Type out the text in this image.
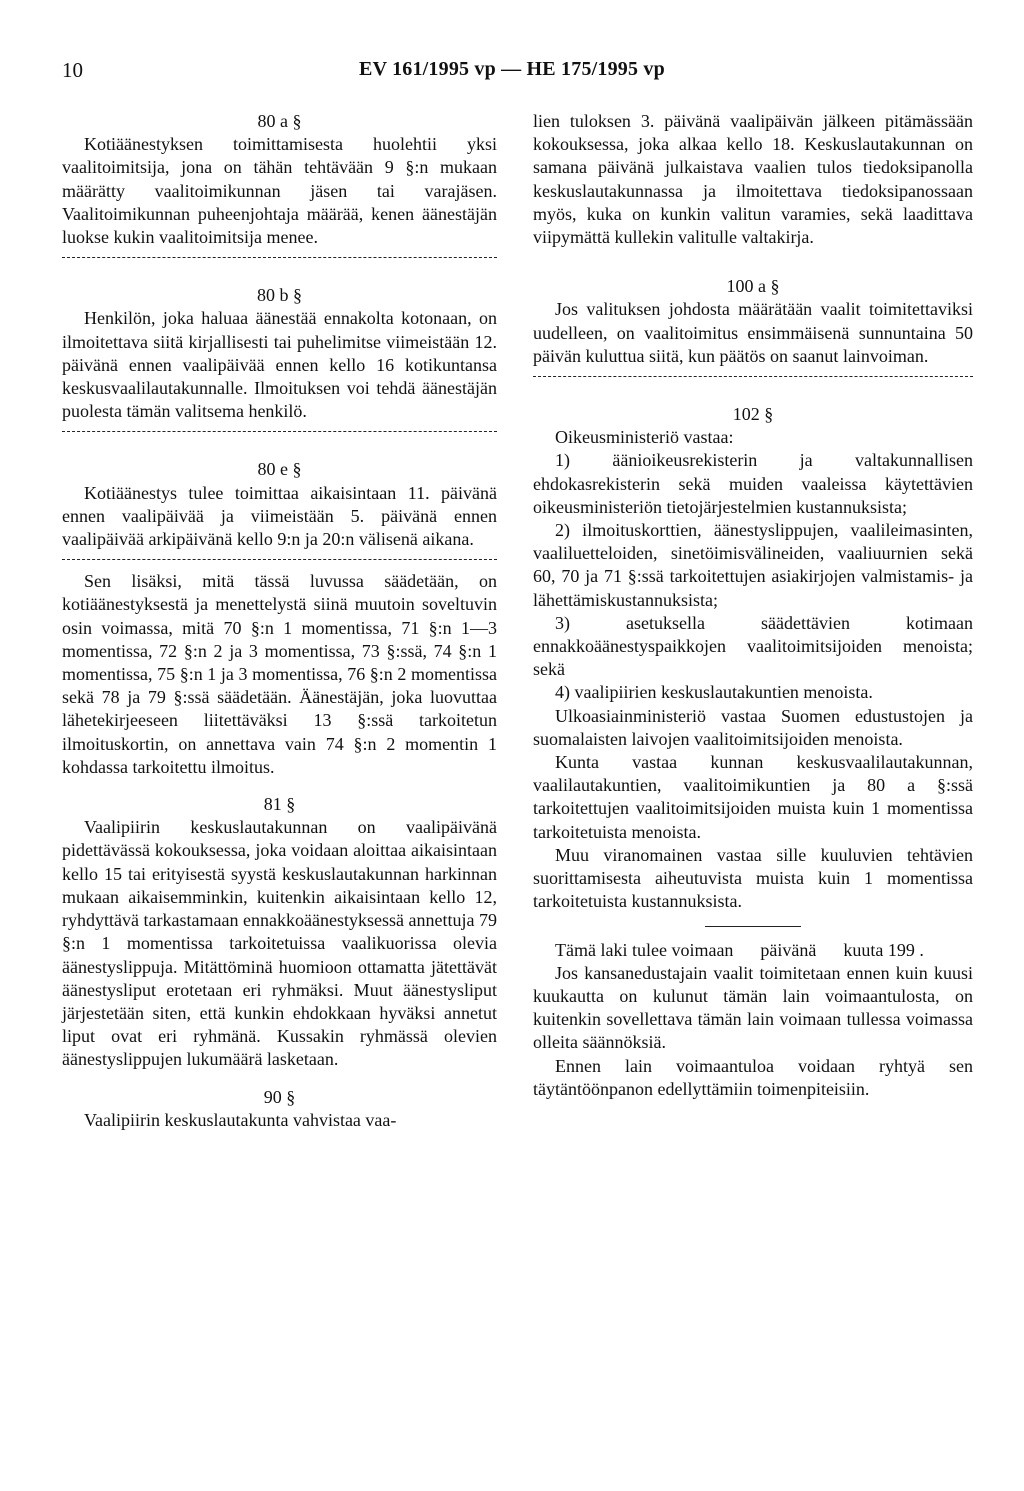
10	EV 161/1995 vp — HE 175/1995 vp

80 a §

Kotiäänestyksen toimittamisesta huolehtii yksi vaalitoimitsija, jona on tähän tehtävään 9 §:n mukaan määrätty vaalitoimikunnan jäsen tai varajäsen. Vaalitoimikunnan puheenjohtaja määrää, kenen äänestäjän luokse kukin vaalitoimitsija menee.

80 b §

Henkilön, joka haluaa äänestää ennakolta kotonaan, on ilmoitettava siitä kirjallisesti tai puhelimitse viimeistään 12. päivänä ennen vaalipäivää ennen kello 16 kotikuntansa keskusvaalilautakunnalle. Ilmoituksen voi tehdä äänestäjän puolesta tämän valitsema henkilö.

80 e §

Kotiäänestys tulee toimittaa aikaisintaan 11. päivänä ennen vaalipäivää ja viimeistään 5. päivänä ennen vaalipäivää arkipäivänä kello 9:n ja 20:n välisenä aikana.

Sen lisäksi, mitä tässä luvussa säädetään, on kotiäänestyksestä ja menettelystä siinä muutoin soveltuvin osin voimassa, mitä 70 §:n 1 momentissa, 71 §:n 1—3 momentissa, 72 §:n 2 ja 3 momentissa, 73 §:ssä, 74 §:n 1 momentissa, 75 §:n 1 ja 3 momentissa, 76 §:n 2 momentissa sekä 78 ja 79 §:ssä säädetään. Äänestäjän, joka luovuttaa lähetekirjeeseen liitettäväksi 13 §:ssä tarkoitetun ilmoituskortin, on annettava vain 74 §:n 2 momentin 1 kohdassa tarkoitettu ilmoitus.

81 §

Vaalipiirin keskuslautakunnan on vaalipäivänä pidettävässä kokouksessa, joka voidaan aloittaa aikaisintaan kello 15 tai erityisestä syystä keskuslautakunnan harkinnan mukaan aikaisemminkin, kuitenkin aikaisintaan kello 12, ryhdyttävä tarkastamaan ennakkoäänestyksessä annettuja 79 §:n 1 momentissa tarkoitetuissa vaalikuorissa olevia äänestyslippuja. Mitättöminä huomioon ottamatta jätettävät äänestysliput erotetaan eri ryhmäksi. Muut äänestysliput järjestetään siten, että kunkin ehdokkaan hyväksi annetut liput ovat eri ryhmänä. Kussakin ryhmässä olevien äänestyslippujen lukumäärä lasketaan.

90 §

Vaalipiirin keskuslautakunta vahvistaa vaa-

lien tuloksen 3. päivänä vaalipäivän jälkeen pitämässään kokouksessa, joka alkaa kello 18. Keskuslautakunnan on samana päivänä julkaistava vaalien tulos tiedoksipanolla keskuslautakunnassa ja ilmoitettava tiedoksipanossaan myös, kuka on kunkin valitun varamies, sekä laadittava viipymättä kullekin valitulle valtakirja.

100 a §

Jos valituksen johdosta määrätään vaalit toimitettaviksi uudelleen, on vaalitoimitus ensimmäisenä sunnuntaina 50 päivän kuluttua siitä, kun päätös on saanut lainvoiman.

102 §

Oikeusministeriö vastaa:

1) äänioikeusrekisterin ja valtakunnallisen ehdokasrekisterin sekä muiden vaaleissa käytettävien oikeusministeriön tietojärjestelmien kustannuksista;

2) ilmoituskorttien, äänestyslippujen, vaalileimasinten, vaaliluetteloiden, sinetöimisvälineiden, vaaliuurnien sekä 60, 70 ja 71 §:ssä tarkoitettujen asiakirjojen valmistamis- ja lähettämiskustannuksista;

3) asetuksella säädettävien kotimaan ennakkoäänestyspaikkojen vaalitoimitsijoiden menoista; sekä

4) vaalipiirien keskuslautakuntien menoista.

Ulkoasiainministeriö vastaa Suomen edustustojen ja suomalaisten laivojen vaalitoimitsijoiden menoista.

Kunta vastaa kunnan keskusvaalilautakunnan, vaalilautakuntien, vaalitoimikuntien ja 80 a §:ssä tarkoitettujen vaalitoimitsijoiden muista kuin 1 momentissa tarkoitetuista menoista.

Muu viranomainen vastaa sille kuuluvien tehtävien suorittamisesta aiheutuvista muista kuin 1 momentissa tarkoitetuista kustannuksista.

Tämä laki tulee voimaan      päivänä      kuuta 199 .

Jos kansanedustajain vaalit toimitetaan ennen kuin kuusi kuukautta on kulunut tämän lain voimaantulosta, on kuitenkin sovellettava tämän lain voimaan tullessa voimassa olleita säännöksiä.

Ennen lain voimaantuloa voidaan ryhtyä sen täytäntöönpanon edellyttämiin toimenpiteisiin.
